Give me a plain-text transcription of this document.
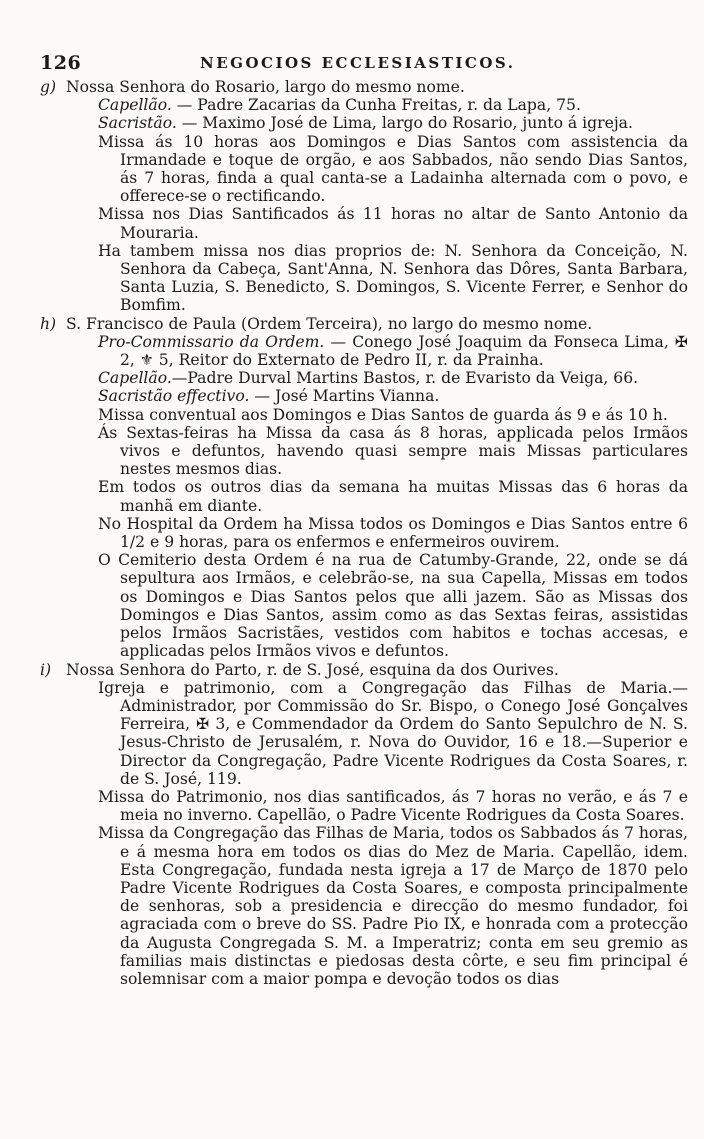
126	NEGOCIOS ECCLESIASTICOS.
g) Nossa Senhora do Rosario, largo do mesmo nome.
Capellão. — Padre Zacarias da Cunha Freitas, r. da Lapa, 75.
Sacristão. — Maximo José de Lima, largo do Rosario, junto á igreja.
Missa ás 10 horas aos Domingos e Dias Santos com assistencia da Irmandade e toque de orgão, e aos Sabbados, não sendo Dias Santos, ás 7 horas, finda a qual canta-se a Ladainha alternada com o povo, e offerece-se o rectificando.
Missa nos Dias Santificados ás 11 horas no altar de Santo Antonio da Mouraria.
Ha tambem missa nos dias proprios de: N. Senhora da Conceição, N. Senhora da Cabeça, Sant'Anna, N. Senhora das Dôres, Santa Barbara, Santa Luzia, S. Benedicto, S. Domingos, S. Vicente Ferrer, e Senhor do Bomfim.
h) S. Francisco de Paula (Ordem Terceira), no largo do mesmo nome.
Pro-Commissario da Ordem. — Conego José Joaquim da Fonseca Lima, ✠ 2, ⚜ 5, Reitor do Externato de Pedro II, r. da Prainha.
Capellão.—Padre Durval Martins Bastos, r. de Evaristo da Veiga, 66.
Sacristão effectivo. — José Martins Vianna.
Missa conventual aos Domingos e Dias Santos de guarda ás 9 e ás 10 h.
Ás Sextas-feiras ha Missa da casa ás 8 horas, applicada pelos Irmãos vivos e defuntos, havendo quasi sempre mais Missas particulares nestes mesmos dias.
Em todos os outros dias da semana ha muitas Missas das 6 horas da manhã em diante.
No Hospital da Ordem ha Missa todos os Domingos e Dias Santos entre 6 1/2 e 9 horas, para os enfermos e enfermeiros ouvirem.
O Cemiterio desta Ordem é na rua de Catumby-Grande, 22, onde se dá sepultura aos Irmãos, e celebrão-se, na sua Capella, Missas em todos os Domingos e Dias Santos pelos que alli jazem. São as Missas dos Domingos e Dias Santos, assim como as das Sextas feiras, assistidas pelos Irmãos Sacristães, vestidos com habitos e tochas accesas, e applicadas pelos Irmãos vivos e defuntos.
i) Nossa Senhora do Parto, r. de S. José, esquina da dos Ourives.
Igreja e patrimonio, com a Congregação das Filhas de Maria.—Administrador, por Commissão do Sr. Bispo, o Conego José Gonçalves Ferreira, ✠ 3, e Commendador da Ordem do Santo Sepulchro de N. S. Jesus-Christo de Jerusalém, r. Nova do Ouvidor, 16 e 18.—Superior e Director da Congregação, Padre Vicente Rodrigues da Costa Soares, r. de S. José, 119.
Missa do Patrimonio, nos dias santificados, ás 7 horas no verão, e ás 7 e meia no inverno. Capellão, o Padre Vicente Rodrigues da Costa Soares.
Missa da Congregação das Filhas de Maria, todos os Sabbados ás 7 horas, e á mesma hora em todos os dias do Mez de Maria. Capellão, idem. Esta Congregação, fundada nesta igreja a 17 de Março de 1870 pelo Padre Vicente Rodrigues da Costa Soares, e composta principalmente de senhoras, sob a presidencia e direcção do mesmo fundador, foi agraciada com o breve do SS. Padre Pio IX, e honrada com a protecção da Augusta Congregada S. M. a Imperatriz; conta em seu gremio as familias mais distinctas e piedosas desta côrte, e seu fim principal é solemnisar com a maior pompa e devoção todos os dias
